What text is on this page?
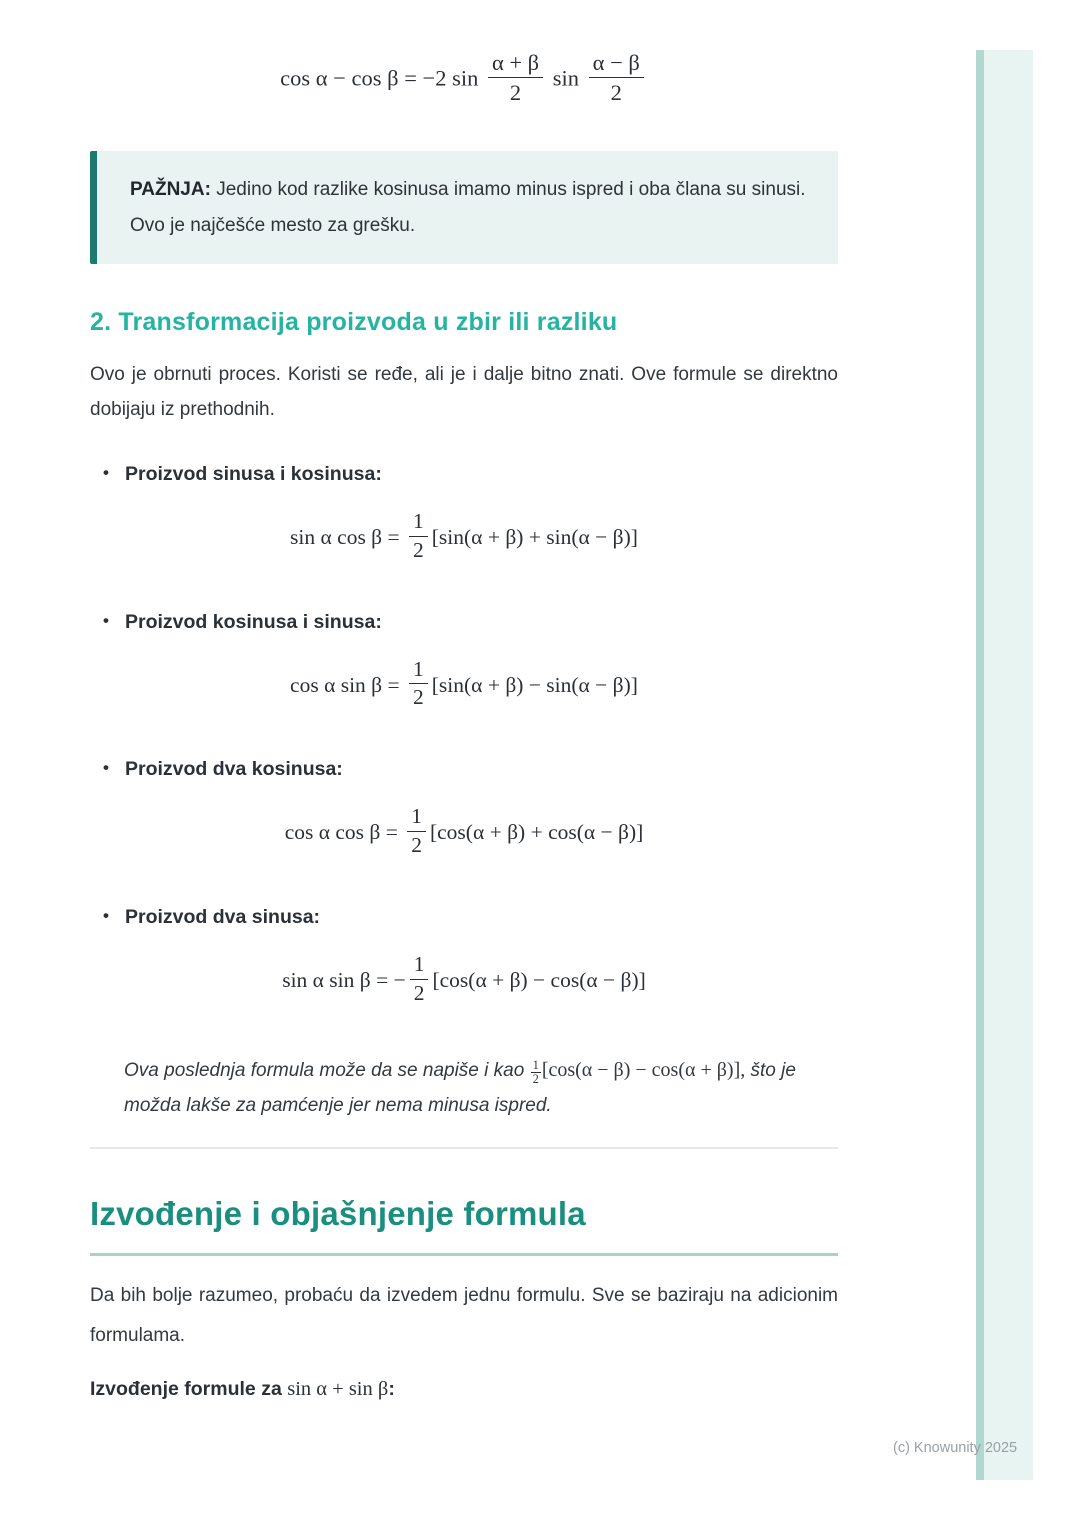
cos α − cos β = −2 $\sin \frac{\alpha + \beta}{2}$ $\sin \frac{\alpha - \beta}{2}$
PAŽNJA: Jedino kod razlike kosinusa imamo minus ispred i oba člana su sinusi. Ovo je najčešće mesto za grešku.
2. Transformacija proizvoda u zbir ili razliku

Ovo je obrnuti proces. Koristi se ređe, ali je i dalje bitno znati. Ove formule se direktno dobijaju iz prethodnih.

• Proizvod sinusa i kosinusa:
sin α $\cos \beta = \frac{1}{2} [\sin(\alpha + \beta) + \sin(\alpha - \beta)]$
• Proizvod kosinusa i sinusa:
cos α $\sin \beta = \frac{1}{2} [\sin(\alpha + \beta) - \sin(\alpha - \beta)]$
• Proizvod dva kosinusa:
cos α $\cos \beta = \frac{1}{2} [\cos(\alpha + \beta) + \cos(\alpha - \beta)]$
• Proizvod dva sinusa:
sin α sin β = − $\frac{1}{2} [\cos(\alpha + \beta) - \cos(\alpha - \beta)]$

Ova poslednja formula može da se napiše i kao $\frac{1}{2} [\cos(\alpha - \beta) - \cos(\alpha + \beta)]$, što je možda lakše za pamćenje jer nema minusa ispred.

Izvođenje i objašnjenje formula

Da bih bolje razumeo, probaću da izvedem jednu formulu. Sve se baziraju na adicionim formulama.

Izvođenje formule za sin α + sin β:

(c) Knowunity 2025
